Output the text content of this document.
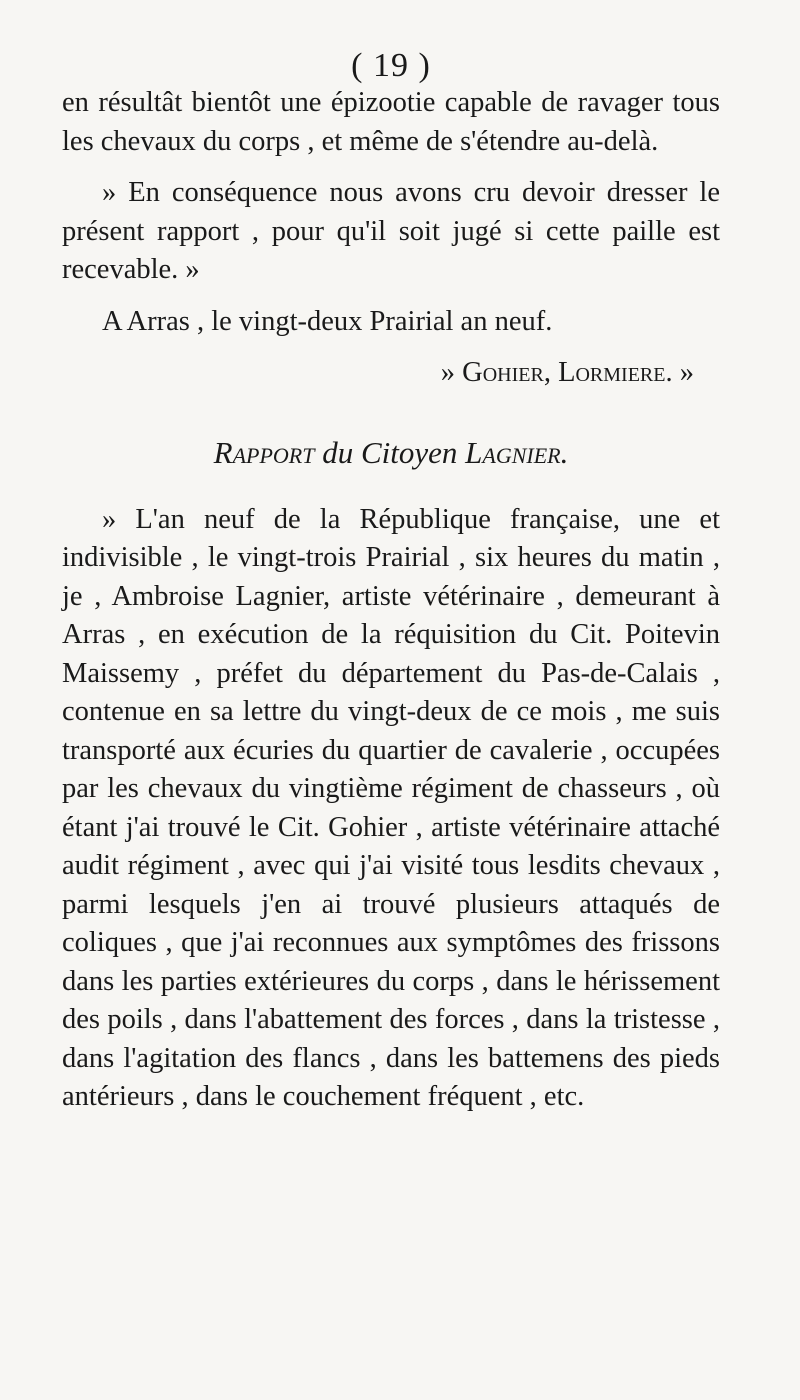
( 19 )

en résultât bientôt une épizootie capable de ravager tous les chevaux du corps , et même de s'étendre au-delà.

» En conséquence nous avons cru devoir dresser le présent rapport , pour qu'il soit jugé si cette paille est recevable. »

A Arras , le vingt-deux Prairial an neuf.

» Gohier, Lormiere. »
Rapport du Citoyen Lagnier.

» L'an neuf de la République française, une et indivisible , le vingt-trois Prairial , six heures du matin , je , Ambroise Lagnier, artiste vétérinaire , demeurant à Arras , en exécution de la réquisition du Cit. Poitevin Maissemy , préfet du département du Pas-de-Calais , contenue en sa lettre du vingt-deux de ce mois , me suis transporté aux écuries du quartier de cavalerie , occupées par les chevaux du vingtième régiment de chasseurs , où étant j'ai trouvé le Cit. Gohier , artiste vétérinaire attaché audit régiment , avec qui j'ai visité tous lesdits chevaux , parmi lesquels j'en ai trouvé plusieurs attaqués de coliques , que j'ai reconnues aux symptômes des frissons dans les parties extérieures du corps , dans le hérissement des poils , dans l'abattement des forces , dans la tristesse , dans l'agitation des flancs , dans les battemens des pieds antérieurs , dans le couchement fréquent , etc.
